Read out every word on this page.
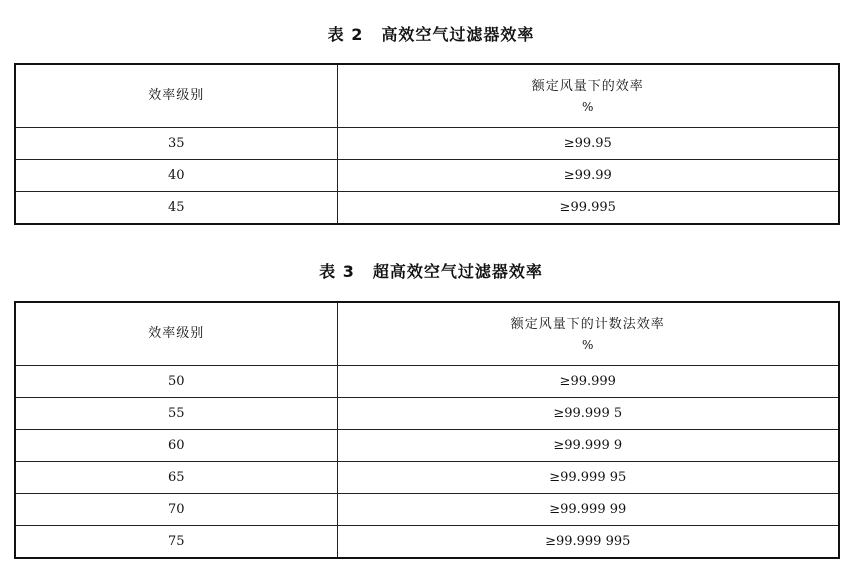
表 2 高效空气过滤器效率
效率级别	额定风量下的效率
%

35	≥99.95
40	≥99.99
45	≥99.995
表 3 超高效空气过滤器效率
效率级别	额定风量下的计数法效率
%

50	≥99.999
55	≥99.999 5
60	≥99.999 9
65	≥99.999 95
70	≥99.999 99
75	≥99.999 995
